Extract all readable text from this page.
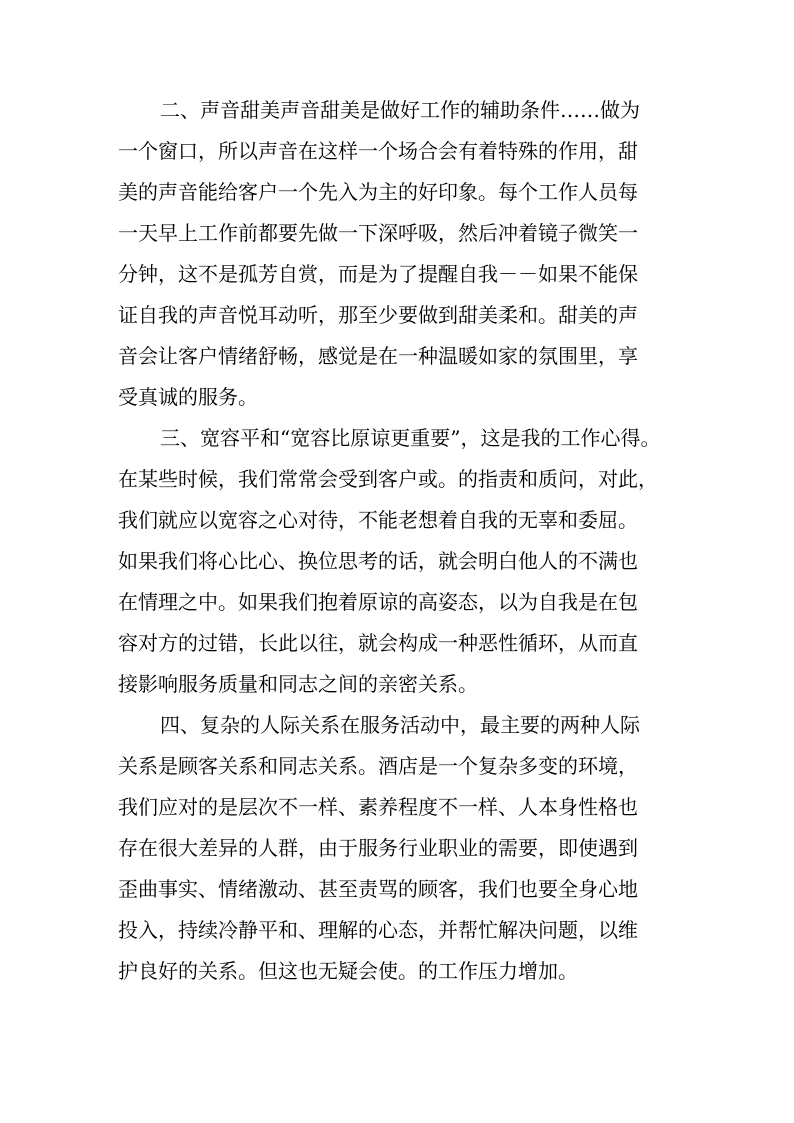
二、声音甜美声音甜美是做好工作的辅助条件……做为
一个窗口，所以声音在这样一个场合会有着特殊的作用，甜
美的声音能给客户一个先入为主的好印象。每个工作人员每
一天早上工作前都要先做一下深呼吸，然后冲着镜子微笑一
分钟，这不是孤芳自赏，而是为了提醒自我－－如果不能保
证自我的声音悦耳动听，那至少要做到甜美柔和。甜美的声
音会让客户情绪舒畅，感觉是在一种温暖如家的氛围里，享
受真诚的服务。
三、宽容平和“宽容比原谅更重要”，这是我的工作心得。
在某些时候，我们常常会受到客户或。的指责和质问，对此，
我们就应以宽容之心对待，不能老想着自我的无辜和委屈。
如果我们将心比心、换位思考的话，就会明白他人的不满也
在情理之中。如果我们抱着原谅的高姿态，以为自我是在包
容对方的过错，长此以往，就会构成一种恶性循环，从而直
接影响服务质量和同志之间的亲密关系。
四、复杂的人际关系在服务活动中，最主要的两种人际
关系是顾客关系和同志关系。酒店是一个复杂多变的环境，
我们应对的是层次不一样、素养程度不一样、人本身性格也
存在很大差异的人群，由于服务行业职业的需要，即使遇到
歪曲事实、情绪激动、甚至责骂的顾客，我们也要全身心地
投入，持续冷静平和、理解的心态，并帮忙解决问题，以维
护良好的关系。但这也无疑会使。的工作压力增加。
